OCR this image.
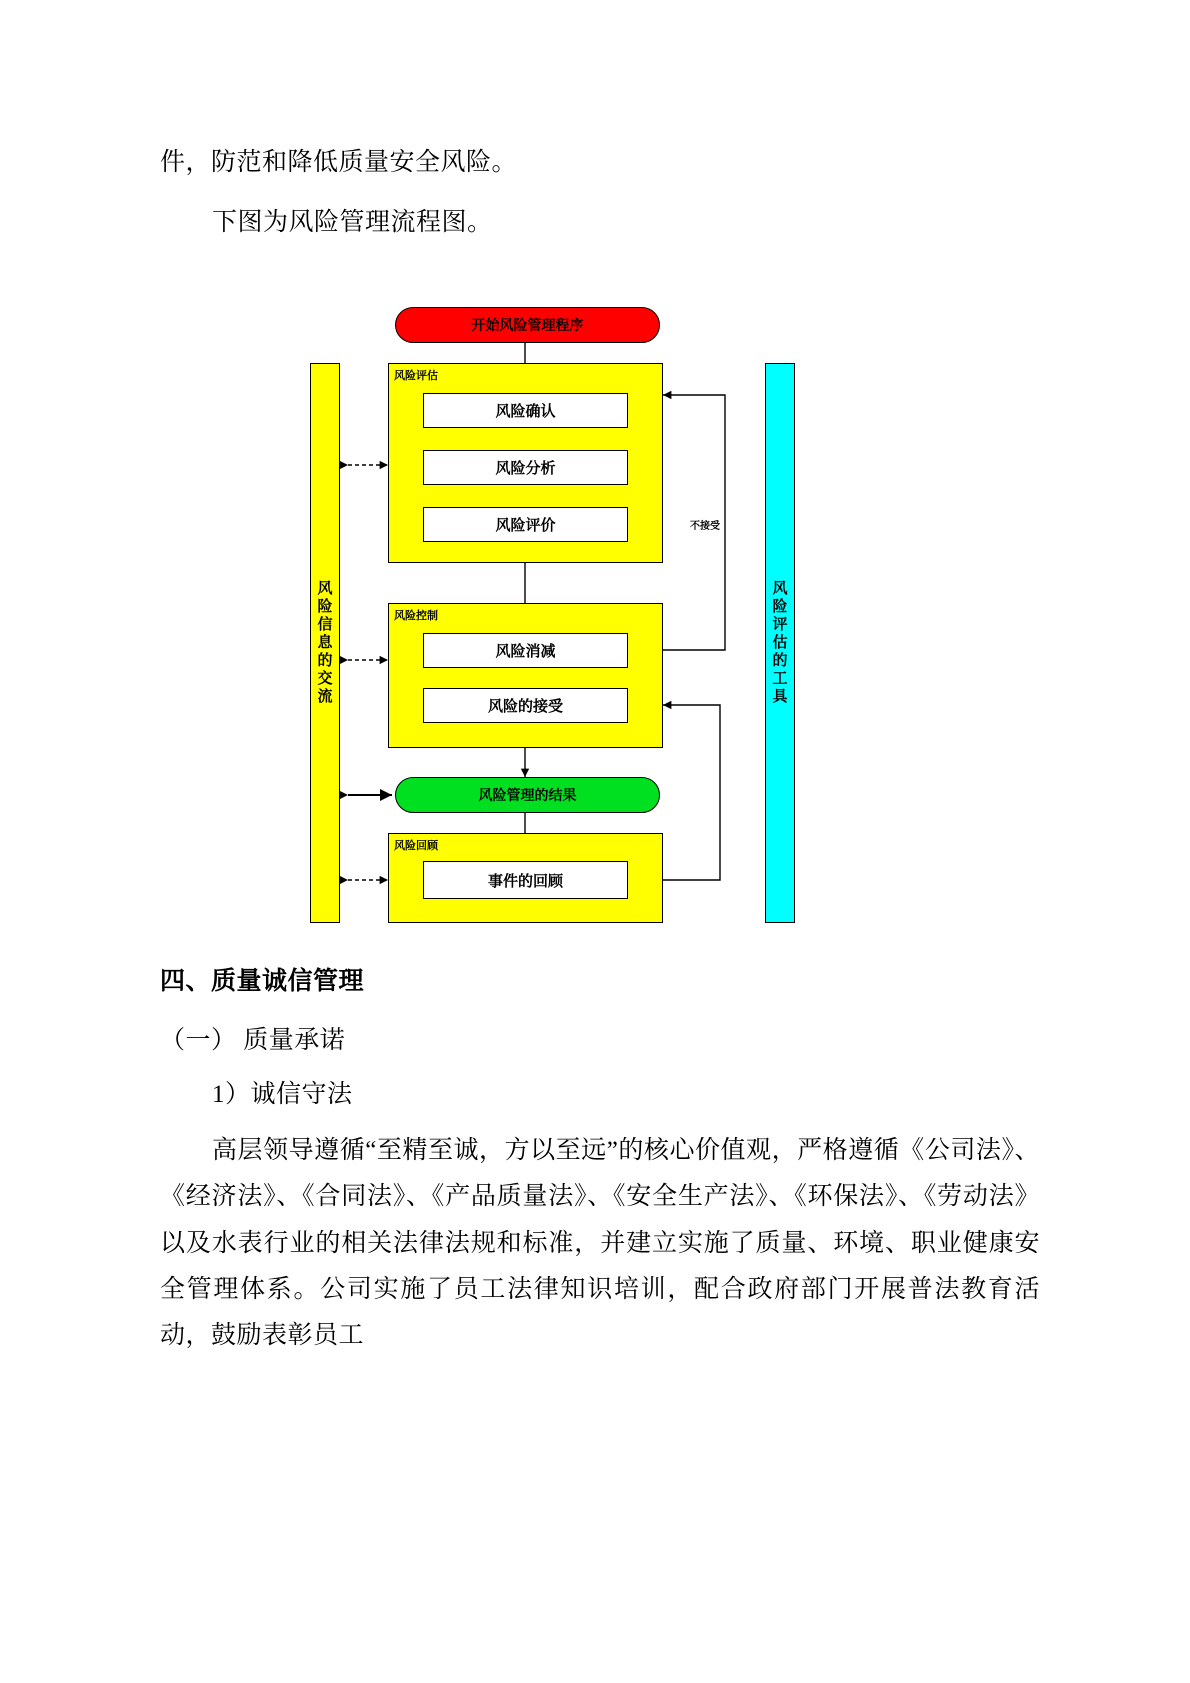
件，防范和降低质量安全风险。

下图为风险管理流程图。

风险信息的交流	风险评估的工具
开始风险管理程序
风险评估
风险确认
风险分析
风险评价
风险控制
风险消减
风险的接受
风险管理的结果
风险回顾
事件的回顾
不接受

四、质量诚信管理

（一） 质量承诺

1）诚信守法

高层领导遵循“至精至诚，方以至远”的核心价值观，严格遵循《公司法》、《经济法》、《合同法》、《产品质量法》、《安全生产法》、《环保法》、《劳动法》以及水表行业的相关法律法规和标准，并建立实施了质量、环境、职业健康安全管理体系。公司实施了员工法律知识培训，配合政府部门开展普法教育活动，鼓励表彰员工
